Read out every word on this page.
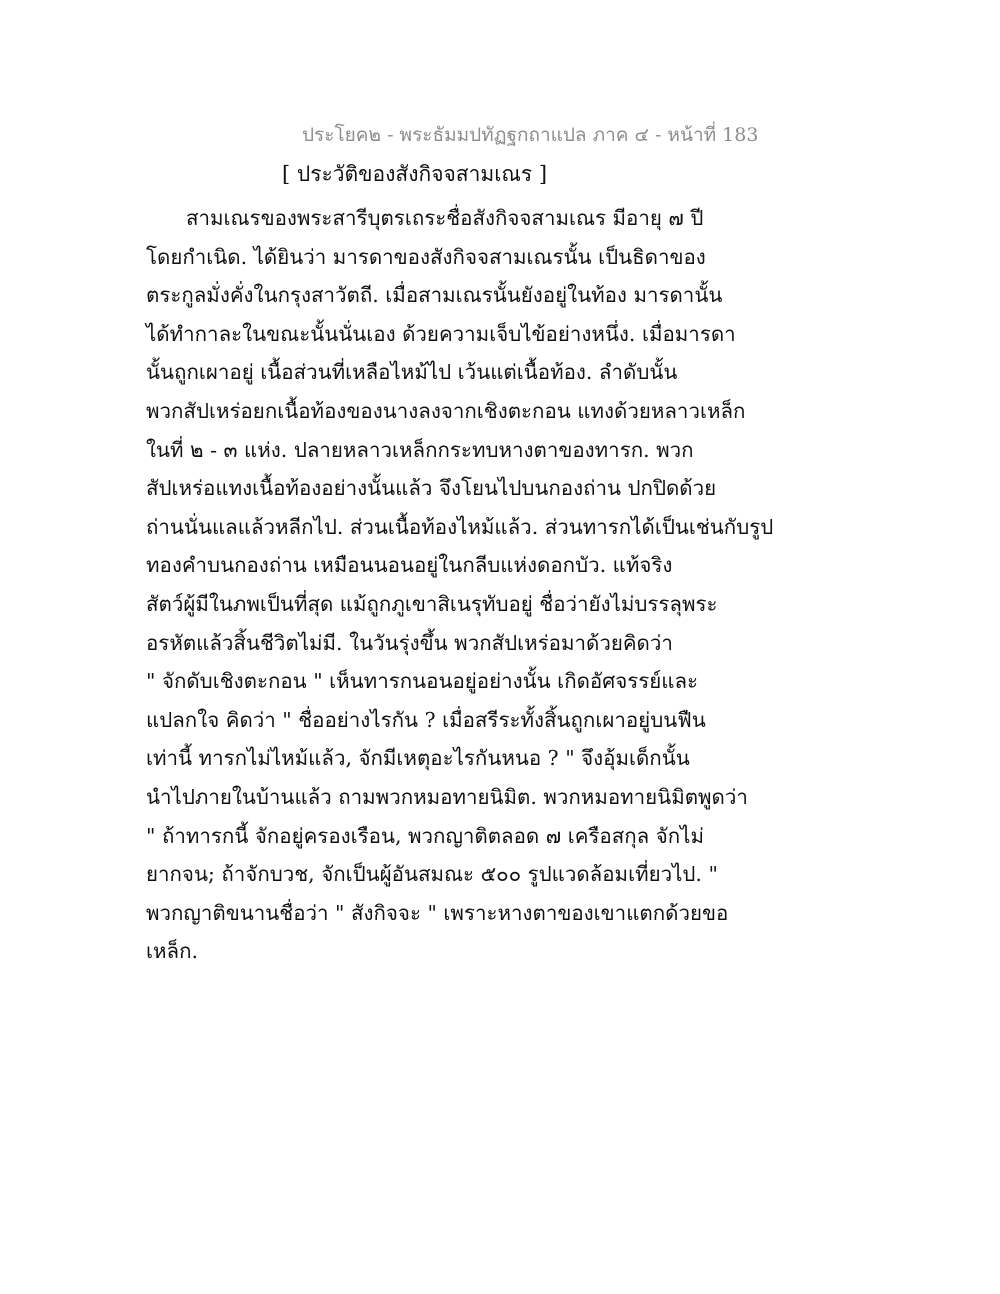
ประโยค๒ - พระธัมมปทัฏฐกถาแปล ภาค ๔ - หน้าที่ 183
[ ประวัติของสังกิจจสามเณร ]
สามเณรของพระสารีบุตรเถระชื่อสังกิจจสามเณร มีอายุ ๗ ปี
โดยกำเนิด. ได้ยินว่า มารดาของสังกิจจสามเณรนั้น เป็นธิดาของ
ตระกูลมั่งคั่งในกรุงสาวัตถี. เมื่อสามเณรนั้นยังอยู่ในท้อง มารดานั้น
ได้ทำกาละในขณะนั้นนั่นเอง ด้วยความเจ็บไข้อย่างหนึ่ง. เมื่อมารดา
นั้นถูกเผาอยู่ เนื้อส่วนที่เหลือไหม้ไป เว้นแต่เนื้อท้อง. ลำดับนั้น
พวกสัปเหร่อยกเนื้อท้องของนางลงจากเชิงตะกอน แทงด้วยหลาวเหล็ก
ในที่ ๒ - ๓ แห่ง. ปลายหลาวเหล็กกระทบหางตาของทารก. พวก
สัปเหร่อแทงเนื้อท้องอย่างนั้นแล้ว จึงโยนไปบนกองถ่าน ปกปิดด้วย
ถ่านนั่นแลแล้วหลีกไป. ส่วนเนื้อท้องไหม้แล้ว. ส่วนทารกได้เป็นเช่นกับรูป
ทองคำบนกองถ่าน เหมือนนอนอยู่ในกลีบแห่งดอกบัว. แท้จริง
สัตว์ผู้มีในภพเป็นที่สุด แม้ถูกภูเขาสิเนรุทับอยู่ ชื่อว่ายังไม่บรรลุพระ
อรหัตแล้วสิ้นชีวิตไม่มี. ในวันรุ่งขึ้น พวกสัปเหร่อมาด้วยคิดว่า
" จักดับเชิงตะกอน " เห็นทารกนอนอยู่อย่างนั้น เกิดอัศจรรย์และ
แปลกใจ คิดว่า " ชื่ออย่างไรกัน ? เมื่อสรีระทั้งสิ้นถูกเผาอยู่บนฟืน
เท่านี้ ทารกไม่ไหม้แล้ว, จักมีเหตุอะไรกันหนอ ? " จึงอุ้มเด็กนั้น
นำไปภายในบ้านแล้ว ถามพวกหมอทายนิมิต. พวกหมอทายนิมิตพูดว่า
" ถ้าทารกนี้ จักอยู่ครองเรือน, พวกญาติตลอด ๗ เครือสกุล จักไม่
ยากจน; ถ้าจักบวช, จักเป็นผู้อันสมณะ ๕๐๐ รูปแวดล้อมเที่ยวไป. "
พวกญาติขนานชื่อว่า " สังกิจจะ " เพราะหางตาของเขาแตกด้วยขอ
เหล็ก.
